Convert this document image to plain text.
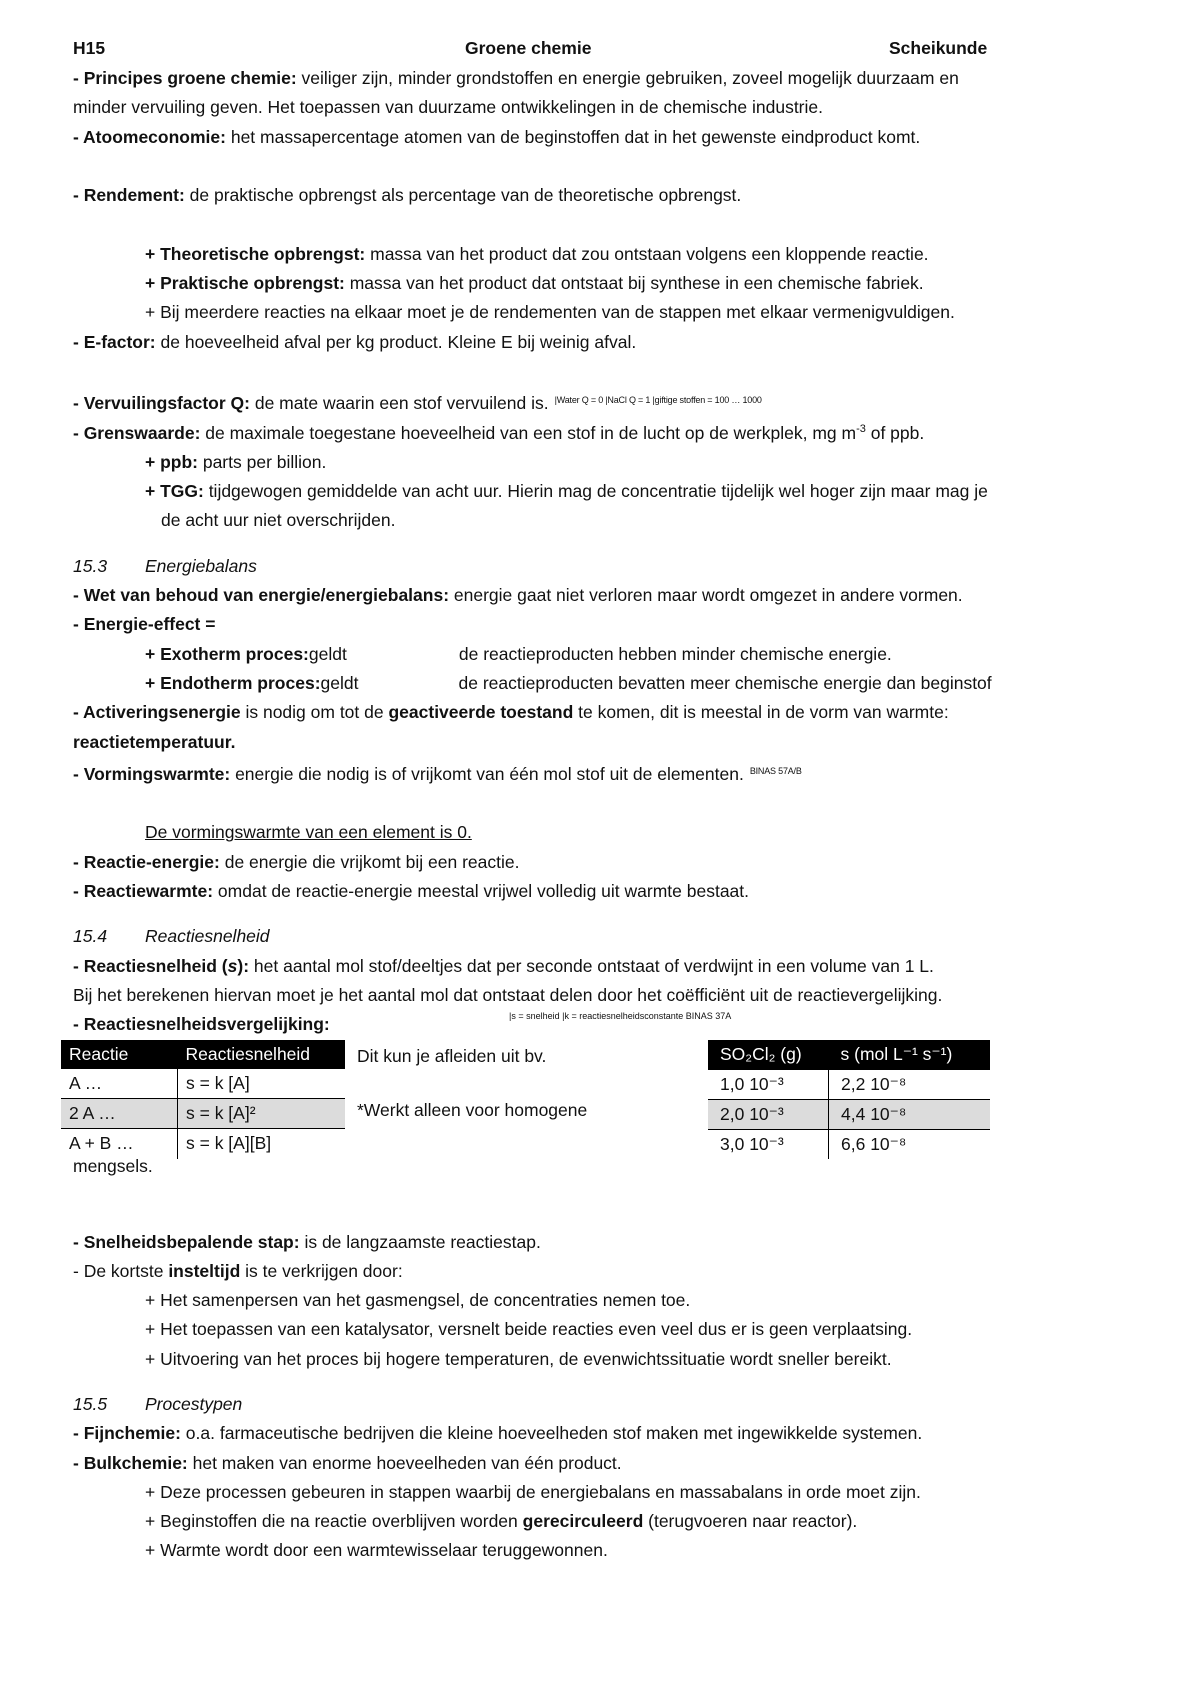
H15	Groene chemie	Scheikunde
- Principes groene chemie: veiliger zijn, minder grondstoffen en energie gebruiken, zoveel mogelijk duurzaam en
minder vervuiling geven. Het toepassen van duurzame ontwikkelingen in de chemische industrie.
- Atoomeconomie: het massapercentage atomen van de beginstoffen dat in het gewenste eindproduct komt.
- Rendement: de praktische opbrengst als percentage van de theoretische opbrengst.
+ Theoretische opbrengst: massa van het product dat zou ontstaan volgens een kloppende reactie.
+ Praktische opbrengst: massa van het product dat ontstaat bij synthese in een chemische fabriek.
+ Bij meerdere reacties na elkaar moet je de rendementen van de stappen met elkaar vermenigvuldigen.
- E-factor: de hoeveelheid afval per kg product. Kleine E bij weinig afval.
- Vervuilingsfactor Q: de mate waarin een stof vervuilend is. $^{|Water Q = 0 |NaCl Q = 1 |giftige stoffen = 100 \dots 1000}$
- Grenswaarde: de maximale toegestane hoeveelheid van een stof in de lucht op de werkplek, mg $m^{-3}$ of ppb.
+ ppb: parts per billion.
+ TGG: tijdgewogen gemiddelde van acht uur. Hierin mag de concentratie tijdelijk wel hoger zijn maar mag je
de acht uur niet overschrijden.
15.3 Energiebalans
- Wet van behoud van energie/energiebalans: energie gaat niet verloren maar wordt omgezet in andere vormen.
- Energie-effect =
+ Exotherm proces:geldt	de reactieproducten hebben minder chemische energie.
+ Endotherm proces:geldt	de reactieproducten bevatten meer chemische energie dan beginstof
- Activeringsenergie is nodig om tot de geactiveerde toestand te komen, dit is meestal in de vorm van warmte:
reactietemperatuur.
- Vormingswarmte: energie die nodig is of vrijkomt van één mol stof uit de elementen. $^{BINAS 57A/B}$
De vormingswarmte van een element is 0.
- Reactie-energie: de energie die vrijkomt bij een reactie.
- Reactiewarmte: omdat de reactie-energie meestal vrijwel volledig uit warmte bestaat.
15.4 Reactiesnelheid
- Reactiesnelheid (s): het aantal mol stof/deeltjes dat per seconde ontstaat of verdwijnt in een volume van 1 L.
Bij het berekenen hiervan moet je het aantal mol dat ontstaat delen door het coëfficiënt uit de reactievergelijking.
- Reactiesnelheidsvergelijking:	|s = snelheid |k = reactiesnelheidsconstante BINAS 37A
Reactie	Reactiesnelheid
A …	s = k [A]
2 A …	s = k [A]²
A + B …	s = k [A][B]
Dit kun je afleiden uit bv.
*Werkt alleen voor homogene
mengsels.
SO₂Cl₂ (g)	s (mol L⁻¹ s⁻¹)
1,0 10⁻³	2,2 10⁻⁸
2,0 10⁻³	4,4 10⁻⁸
3,0 10⁻³	6,6 10⁻⁸
- Snelheidsbepalende stap: is de langzaamste reactiestap.
- De kortste insteltijd is te verkrijgen door:
+ Het samenpersen van het gasmengsel, de concentraties nemen toe.
+ Het toepassen van een katalysator, versnelt beide reacties even veel dus er is geen verplaatsing.
+ Uitvoering van het proces bij hogere temperaturen, de evenwichtssituatie wordt sneller bereikt.
15.5 Procestypen
- Fijnchemie: o.a. farmaceutische bedrijven die kleine hoeveelheden stof maken met ingewikkelde systemen.
- Bulkchemie: het maken van enorme hoeveelheden van één product.
+ Deze processen gebeuren in stappen waarbij de energiebalans en massabalans in orde moet zijn.
+ Beginstoffen die na reactie overblijven worden gerecirculeerd (terugvoeren naar reactor).
+ Warmte wordt door een warmtewisselaar teruggewonnen.
